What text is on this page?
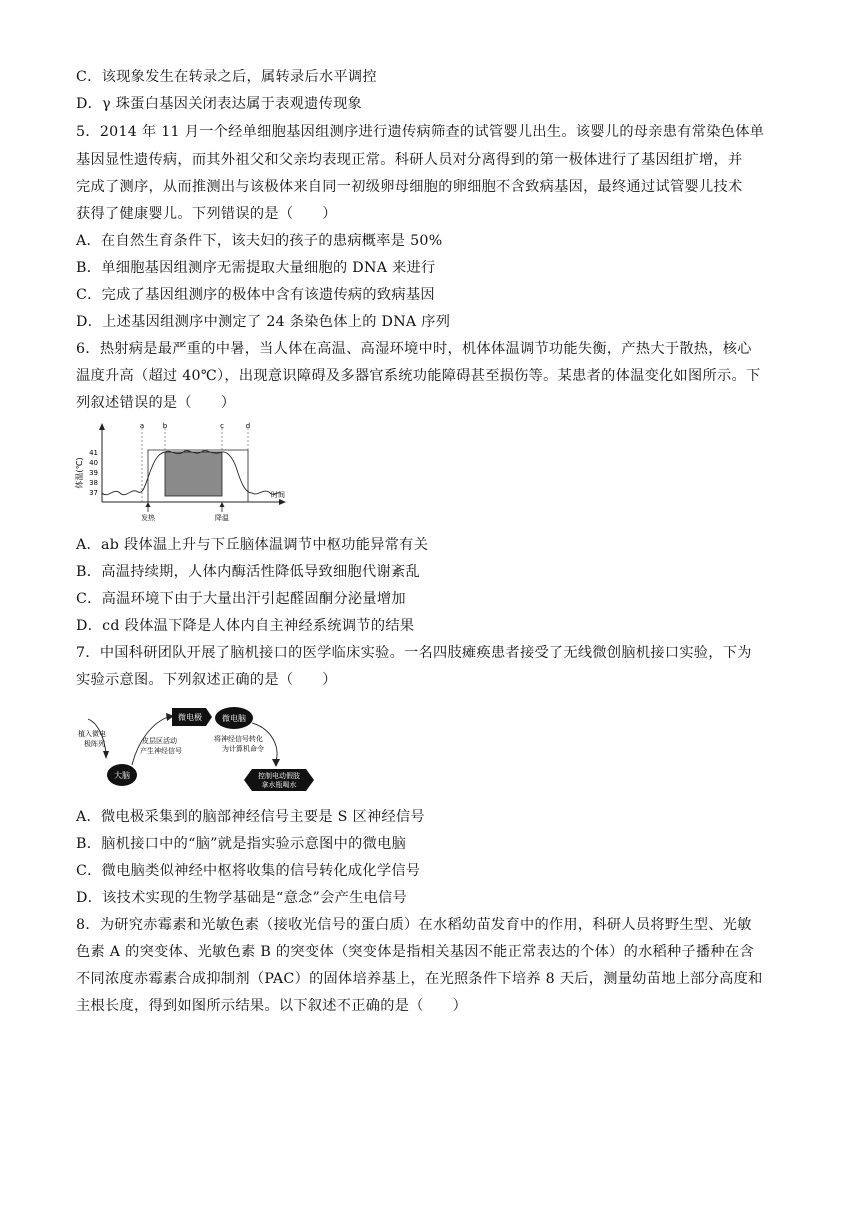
C．该现象发生在转录之后，属转录后水平调控
D．γ 珠蛋白基因关闭表达属于表观遗传现象
5．2014 年 11 月一个经单细胞基因组测序进行遗传病筛查的试管婴儿出生。该婴儿的母亲患有常染色体单
基因显性遗传病，而其外祖父和父亲均表现正常。科研人员对分离得到的第一极体进行了基因组扩增，并
完成了测序，从而推测出与该极体来自同一初级卵母细胞的卵细胞不含致病基因，最终通过试管婴儿技术
获得了健康婴儿。下列错误的是（　　）
A．在自然生育条件下，该夫妇的孩子的患病概率是 50%
B．单细胞基因组测序无需提取大量细胞的 DNA 来进行
C．完成了基因组测序的极体中含有该遗传病的致病基因
D．上述基因组测序中测定了 24 条染色体上的 DNA 序列
6．热射病是最严重的中暑，当人体在高温、高湿环境中时，机体体温调节功能失衡，产热大于散热，核心
温度升高（超过 40℃），出现意识障碍及多器官系统功能障碍甚至损伤等。某患者的体温变化如图所示。下
列叙述错误的是（　　）
体温(℃)
41
40
39
38
37	时间
a	b	c	d
发热	降温
A．ab 段体温上升与下丘脑体温调节中枢功能异常有关
B．高温持续期，人体内酶活性降低导致细胞代谢紊乱
C．高温环境下由于大量出汗引起醛固酮分泌量增加
D．cd 段体温下降是人体内自主神经系统调节的结果
7．中国科研团队开展了脑机接口的医学临床实验。一名四肢瘫痪患者接受了无线微创脑机接口实验，下为
实验示意图。下列叙述正确的是（　　）
植入微电
极阵列
大脑
皮层区活动
产生神经信号
微电极	微电脑
将神经信号转化
为计算机命令
控制电动假肢
拿水瓶喝水
A．微电极采集到的脑部神经信号主要是 S 区神经信号
B．脑机接口中的“脑”就是指实验示意图中的微电脑
C．微电脑类似神经中枢将收集的信号转化成化学信号
D．该技术实现的生物学基础是“意念”会产生电信号
8．为研究赤霉素和光敏色素（接收光信号的蛋白质）在水稻幼苗发育中的作用，科研人员将野生型、光敏
色素 A 的突变体、光敏色素 B 的突变体（突变体是指相关基因不能正常表达的个体）的水稻种子播种在含
不同浓度赤霉素合成抑制剂（PAC）的固体培养基上，在光照条件下培养 8 天后，测量幼苗地上部分高度和
主根长度，得到如图所示结果。以下叙述不正确的是（　　）
